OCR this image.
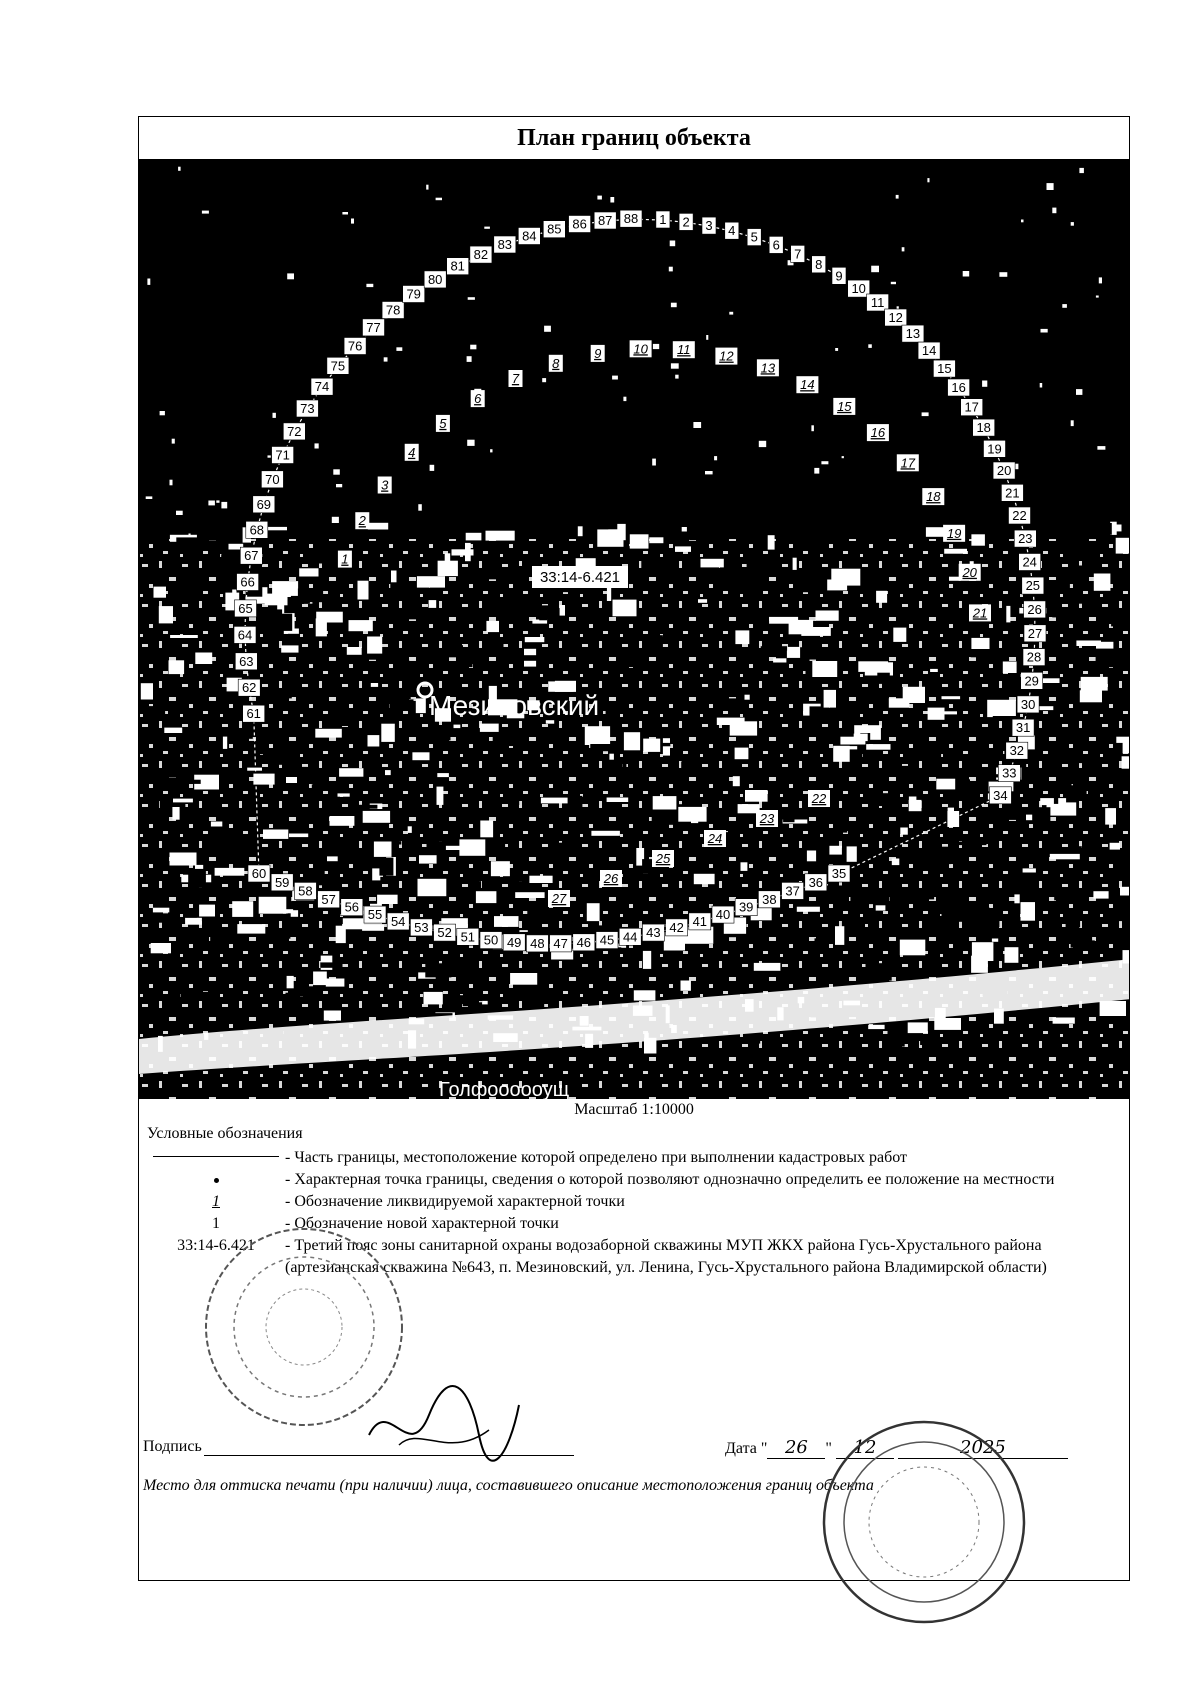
План границ объекта
1 2 3 4 5
6
7
8
9
10
11
12
13
14
15
16
17
18
19
20
21
22
23
24
25
26
27
28
29
30
31
32
33
34
35
36
37
38
39
40
41
42
43
44
45
46
47
48
49
50
51
52
53
54
55
56
57
58
59
60
61
62
63
64
65
66
67
68
69
70
71
72
73
74
75
76
77
78
79
80
81
82
83
84 85 86 87 88
1
2
3
4
5
6
7
8
9 10 11 12
13
14
15
16
17
18
19
20
21
22
23
24
25
26
27
33:14-6.421
Мезиновский
Голфоооооущ
Масштаб 1:10000
Условные обозначения
- Часть границы, местоположение которой определено при выполнении кадастровых работ
- Характерная точка границы, сведения о которой позволяют однозначно определить ее положение на местности
1	- Обозначение ликвидируемой характерной точки
1	- Обозначение новой характерной точки
33:14-6.421	- Третий пояс зоны санитарной охраны водозаборной скважины МУП ЖКХ района Гусь-Хрустального района (артезианская скважина №643, п. Мезиновский, ул. Ленина, Гусь-Хрустального района Владимирской области)
Подпись	Дата " 26 " 12	2025
Место для оттиска печати (при наличии) лица, составившего описание местоположения границ объекта
